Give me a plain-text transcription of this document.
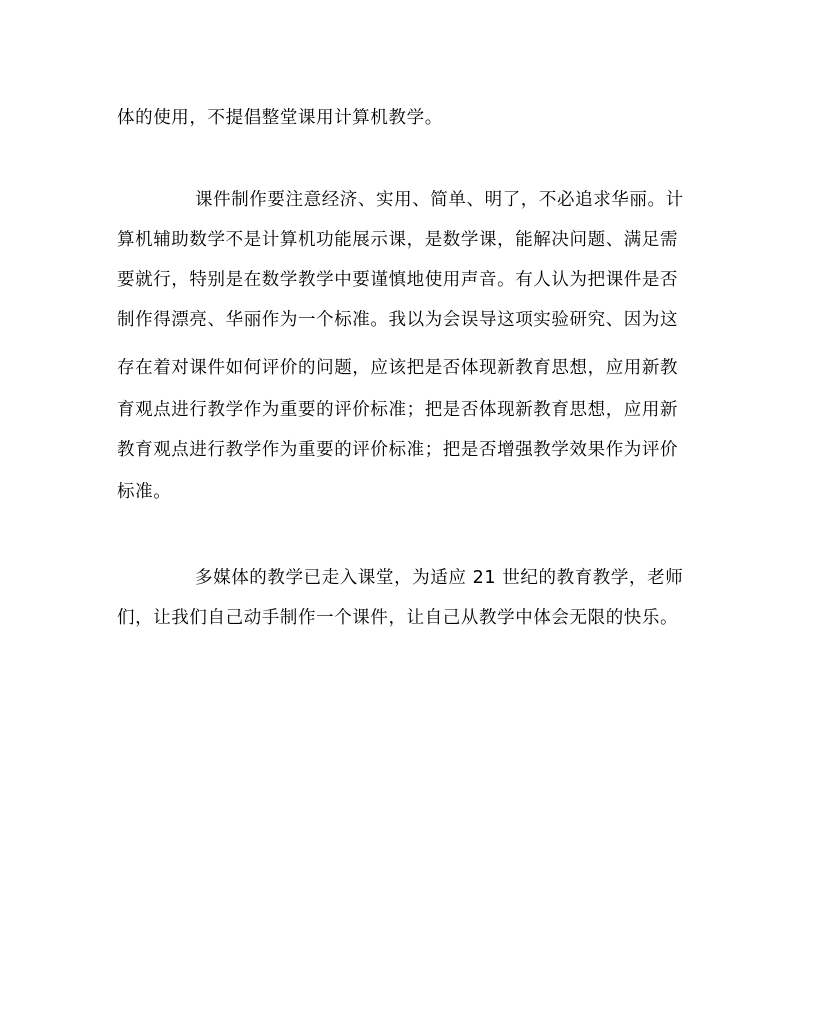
体的使用，不提倡整堂课用计算机教学。
课件制作要注意经济、实用、简单、明了，不必追求华丽。计
算机辅助数学不是计算机功能展示课，是数学课，能解决问题、满足需
要就行，特别是在数学教学中要谨慎地使用声音。有人认为把课件是否
制作得漂亮、华丽作为一个标准。我以为会误导这项实验研究、因为这
存在着对课件如何评价的问题，应该把是否体现新教育思想，应用新教
育观点进行教学作为重要的评价标准；把是否体现新教育思想，应用新
教育观点进行教学作为重要的评价标准；把是否增强教学效果作为评价
标准。
多媒体的教学已走入课堂，为适应 21 世纪的教育教学，老师
们，让我们自己动手制作一个课件，让自己从教学中体会无限的快乐。
